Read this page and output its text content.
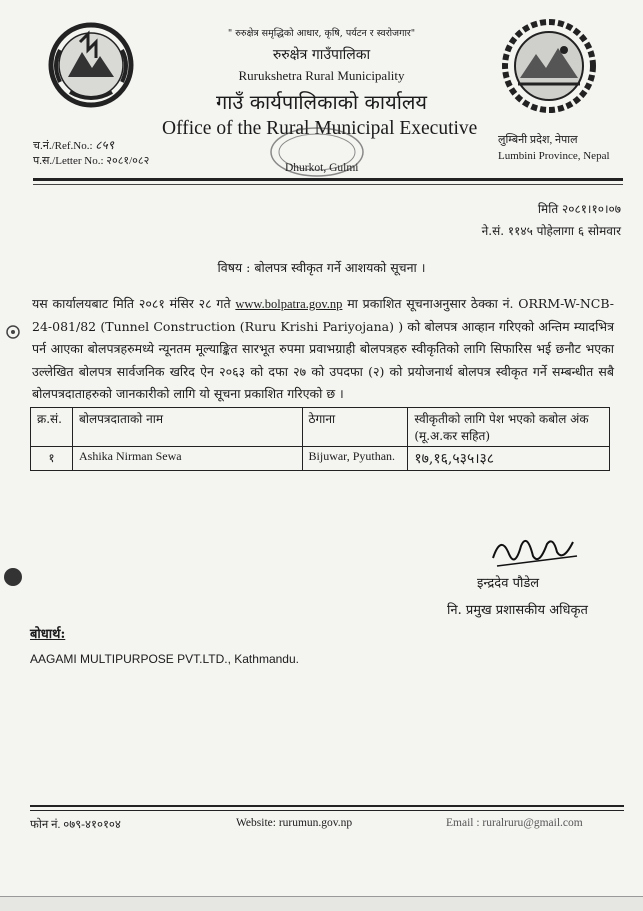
" रुरुक्षेत्र समृद्धिको आधार, कृषि, पर्यटन र स्वरोजगार"
रुरुक्षेत्र गाउँपालिका
Rurukshetra Rural Municipality
गाउँ कार्यपालिकाको कार्यालय
Office of the Rural Municipal Executive
Dhurkot, Gulmi
च.नं./Ref.No.: ८५९
प.स./Letter No.: २०८१/०८२
लुम्बिनी प्रदेश, नेपाल
Lumbini Province, Nepal
मिति २०८१।१०।०७
ने.सं. ११४५ पोहेलागा ६ सोमवार
विषय : बोलपत्र स्वीकृत गर्ने आशयको सूचना ।
यस कार्यालयबाट मिति २०८१ मंसिर २८ गते www.bolpatra.gov.np मा प्रकाशित सूचनाअनुसार ठेक्का नं. ORRM-W-NCB-24-081/82 (Tunnel Construction (Ruru Krishi Pariyojana) ) को बोलपत्र आव्हान गरिएको अन्तिम म्यादभित्र पर्न आएका बोलपत्रहरुमध्ये न्यूनतम मूल्याङ्कित सारभूत रुपमा प्रवाभग्राही बोलपत्रहरु स्वीकृतिको लागि सिफारिस भई छनौट भएका उल्लेखित बोलपत्र सार्वजनिक खरिद ऐन २०६३ को दफा २७ को उपदफा (२) को प्रयोजनार्थ बोलपत्र स्वीकृत गर्ने सम्बन्धीत सबै बोलपत्रदाताहरुको जानकारीको लागि यो सूचना प्रकाशित गरिएको छ ।
क्र.सं.	बोलपत्रदाताको नाम	ठेगाना	स्वीकृतीको लागि पेश भएको कबोल अंक (मू.अ.कर सहित)
१	Ashika Nirman Sewa	Bijuwar, Pyuthan.	१७,१६,५३५।३८
इन्द्रदेव पौडेल
नि. प्रमुख प्रशासकीय अधिकृत
बोधार्थ:
AAGAMI MULTIPURPOSE PVT.LTD., Kathmandu.
फोन नं. ०७९-४१०१०४	Website: rurumun.gov.np	Email : ruralruru@gmail.com
